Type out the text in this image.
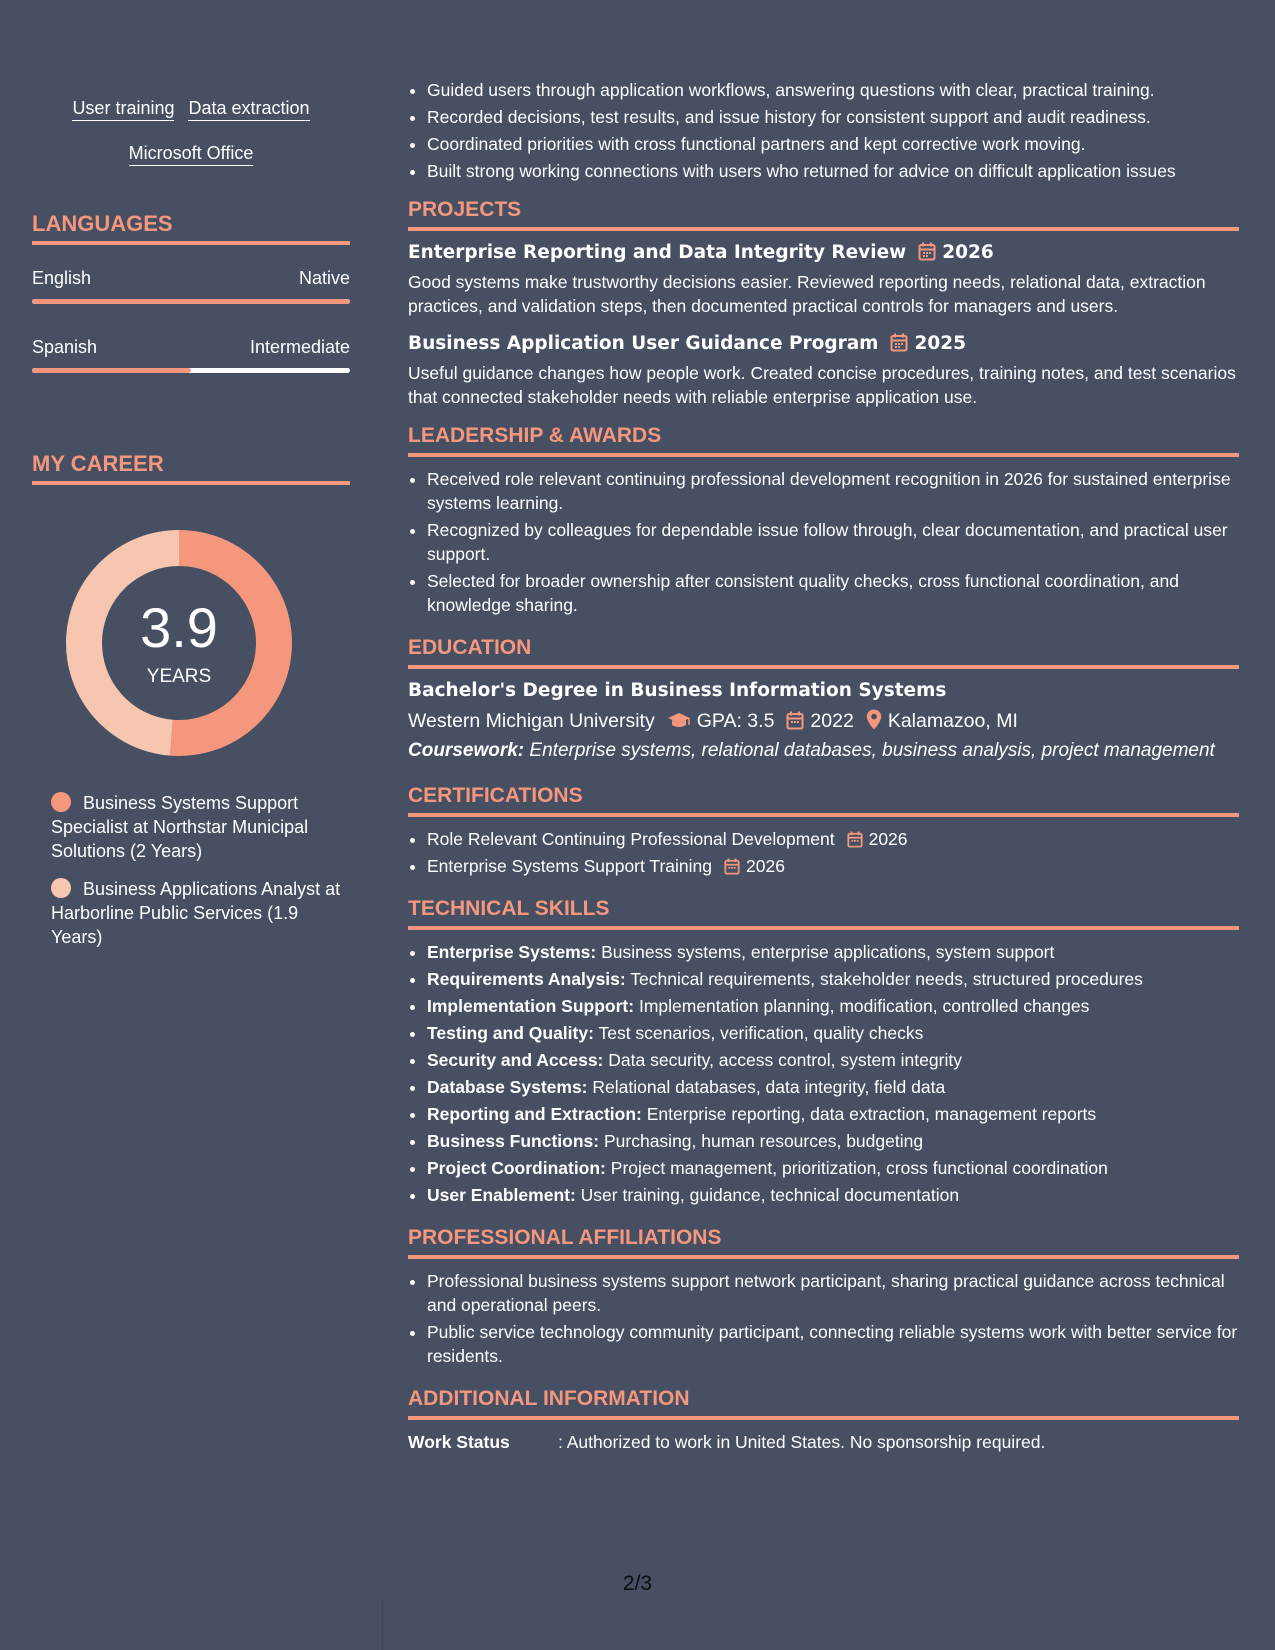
User training Data extraction
Microsoft Office
LANGUAGES
English	Native
Spanish	Intermediate
MY CAREER
3.9
YEARS
Business Systems Support Specialist at Northstar Municipal Solutions (2 Years)
Business Applications Analyst at Harborline Public Services (1.9 Years)
• Guided users through application workflows, answering questions with clear, practical training.
• Recorded decisions, test results, and issue history for consistent support and audit readiness.
• Coordinated priorities with cross functional partners and kept corrective work moving.
• Built strong working connections with users who returned for advice on difficult application issues
PROJECTS
Enterprise Reporting and Data Integrity Review 2026
Good systems make trustworthy decisions easier. Reviewed reporting needs, relational data, extraction practices, and validation steps, then documented practical controls for managers and users.
Business Application User Guidance Program 2025
Useful guidance changes how people work. Created concise procedures, training notes, and test scenarios that connected stakeholder needs with reliable enterprise application use.
LEADERSHIP & AWARDS
• Received role relevant continuing professional development recognition in 2026 for sustained enterprise systems learning.
• Recognized by colleagues for dependable issue follow through, clear documentation, and practical user support.
• Selected for broader ownership after consistent quality checks, cross functional coordination, and knowledge sharing.
EDUCATION
Bachelor's Degree in Business Information Systems
Western Michigan University GPA: 3.5 2022 Kalamazoo, MI
Coursework: Enterprise systems, relational databases, business analysis, project management
CERTIFICATIONS
• Role Relevant Continuing Professional Development 2026
• Enterprise Systems Support Training 2026
TECHNICAL SKILLS
• Enterprise Systems: Business systems, enterprise applications, system support
• Requirements Analysis: Technical requirements, stakeholder needs, structured procedures
• Implementation Support: Implementation planning, modification, controlled changes
• Testing and Quality: Test scenarios, verification, quality checks
• Security and Access: Data security, access control, system integrity
• Database Systems: Relational databases, data integrity, field data
• Reporting and Extraction: Enterprise reporting, data extraction, management reports
• Business Functions: Purchasing, human resources, budgeting
• Project Coordination: Project management, prioritization, cross functional coordination
• User Enablement: User training, guidance, technical documentation
PROFESSIONAL AFFILIATIONS
• Professional business systems support network participant, sharing practical guidance across technical and operational peers.
• Public service technology community participant, connecting reliable systems work with better service for residents.
ADDITIONAL INFORMATION
Work Status	: Authorized to work in United States. No sponsorship required.
2/3
